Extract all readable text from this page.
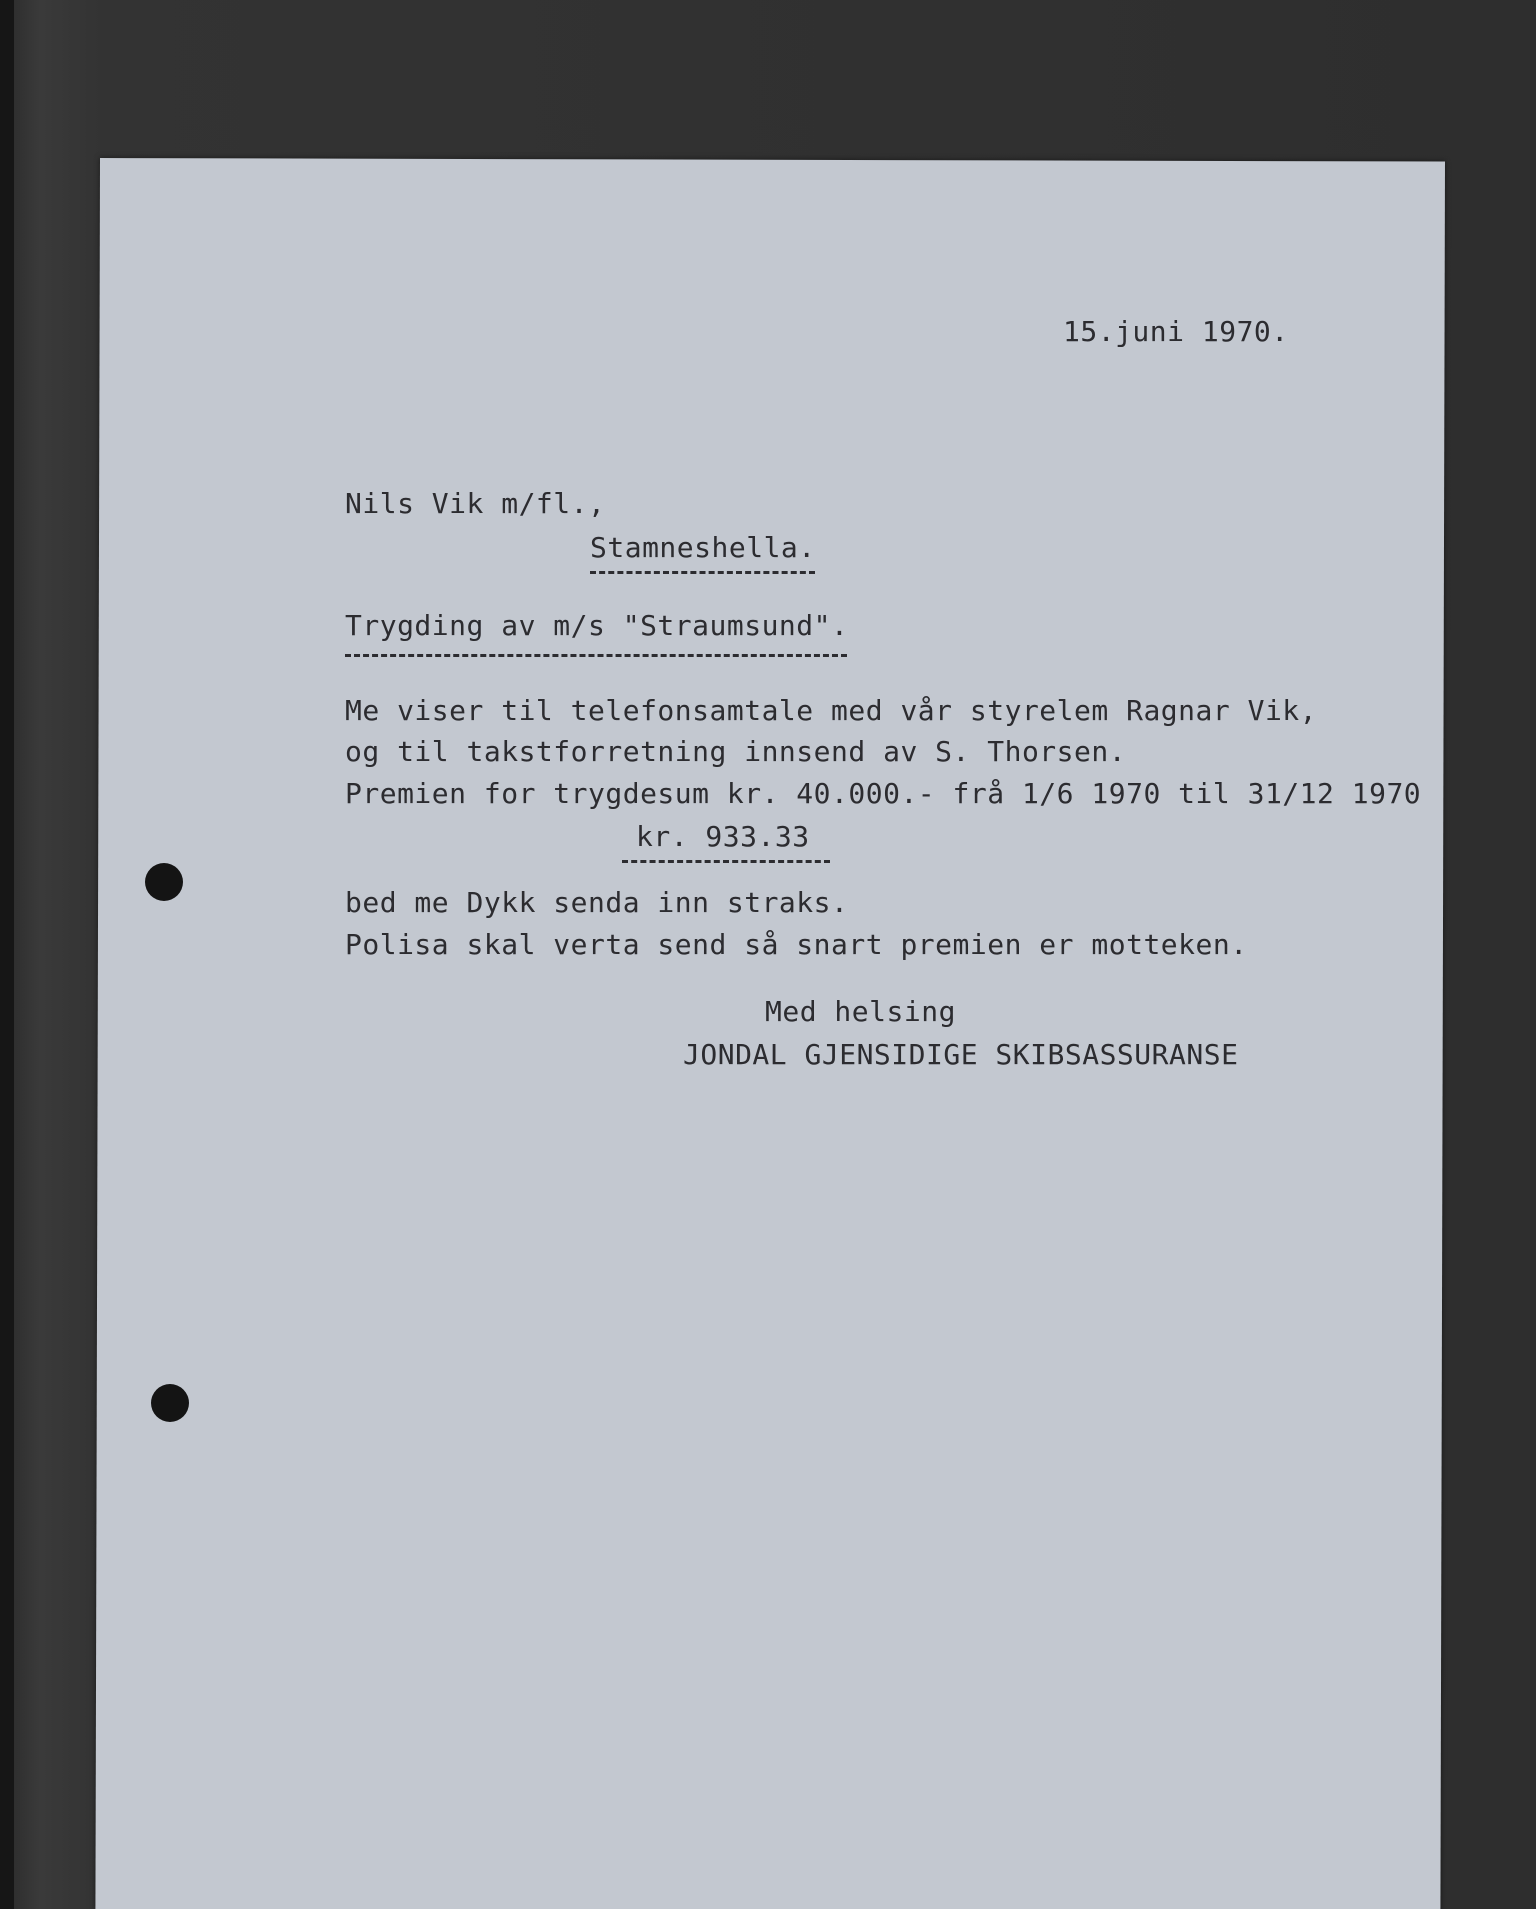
15.juni 1970.
Nils Vik m/fl.,
Stamneshella.
Trygding av m/s "Straumsund".
Me viser til telefonsamtale med vår styrelem Ragnar Vik,
og til takstforretning innsend av S. Thorsen.
Premien for trygdesum kr. 40.000.- frå 1/6 1970 til 31/12 1970
kr. 933.33
bed me Dykk senda inn straks.
Polisa skal verta send så snart premien er motteken.
Med helsing
JONDAL GJENSIDIGE SKIBSASSURANSE
